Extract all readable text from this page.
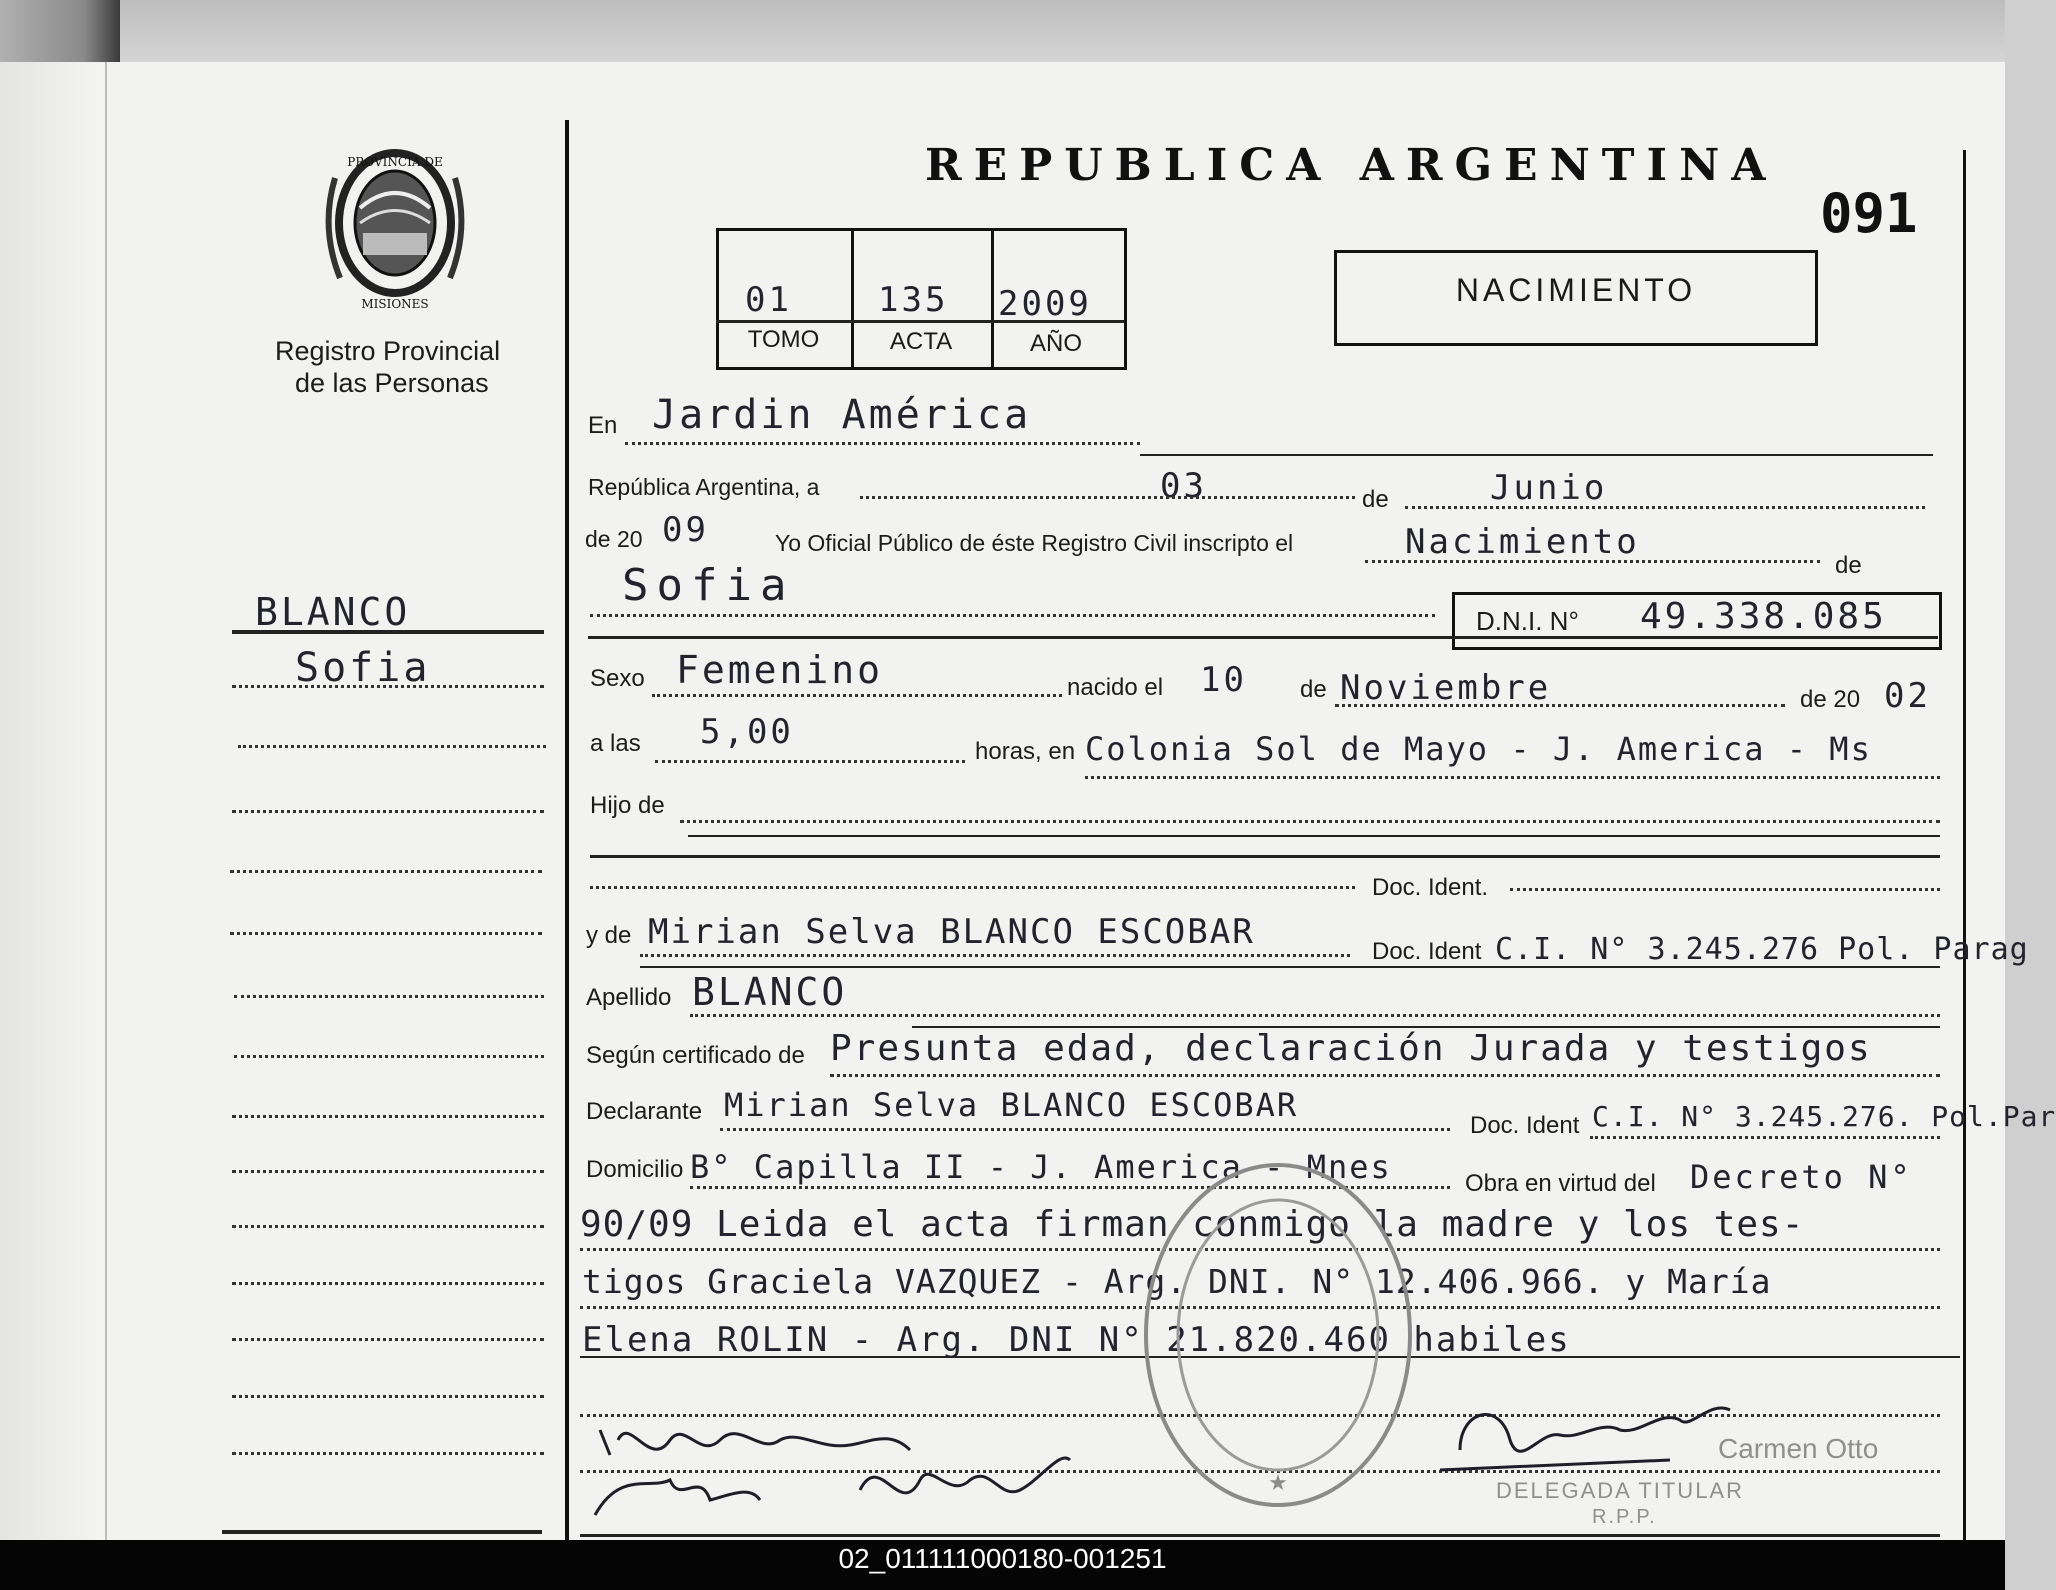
PROVINCIA DE
MISIONES
Registro Provincial
de las Personas
REPUBLICA ARGENTINA
091
01	135 2009
TOMO	ACTA	AÑO
NACIMIENTO
BLANCO
Sofia
En Jardin América
República Argentina, a	03	de	Junio
de 20 09	Yo Oficial Público de éste Registro Civil inscripto el	Nacimiento
de
Sofia
D.N.I. N° 49.338.085
Sexo Femenino	nacido el 10 de Noviembre	de 20 02
a las 5,00	horas, en Colonia Sol de Mayo - J. America - Ms
Hijo de
Doc. Ident.
y de Mirian Selva BLANCO ESCOBAR	Doc. Ident C.I. N° 3.245.276 Pol. Parag
Apellido BLANCO
Según certificado de Presunta edad, declaración Jurada y testigos
Declarante Mirian Selva BLANCO ESCOBAR
Doc. Ident C.I. N° 3.245.276. Pol.Par
Domicilio B° Capilla II - J. America - Mnes	Obra en virtud del Decreto N°
90/09 Leida el acta firman conmigo la madre y los tes-
tigos Graciela VAZQUEZ - Arg. DNI. N° 12.406.966. y María
Elena ROLIN - Arg. DNI N° 21.820.460 habiles
★
Carmen Otto
DELEGADA TITULAR
R.P.P.
02_011111000180-001251
